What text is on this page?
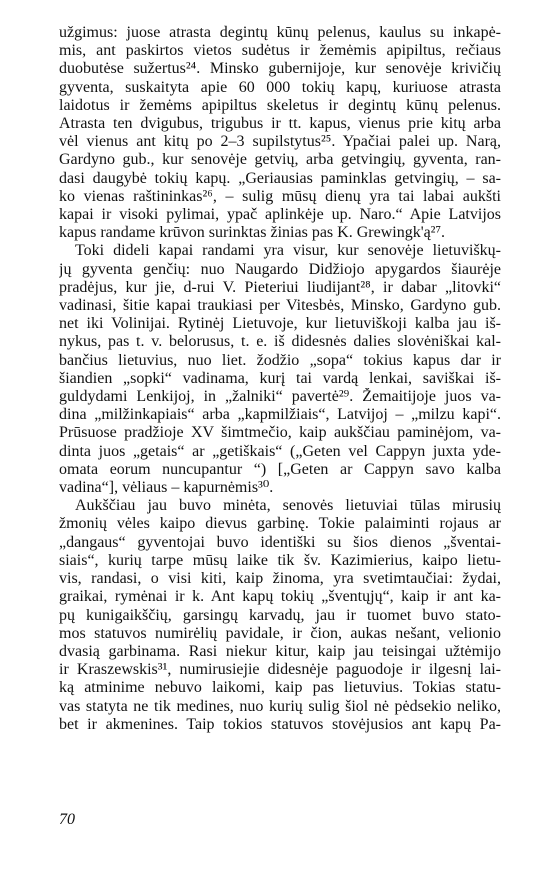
užgimus: juose atrasta degintų kūnų pelenus, kaulus su inkapė-
mis, ant paskirtos vietos sudėtus ir žemėmis apipiltus, rečiaus
duobutėse sužertus²⁴. Minsko gubernijoje, kur senovėje krivičių
gyventa, suskaityta apie 60 000 tokių kapų, kuriuose atrasta
laidotus ir žemėms apipiltus skeletus ir degintų kūnų pelenus.
Atrasta ten dvigubus, trigubus ir tt. kapus, vienus prie kitų arba
vėl vienus ant kitų po 2–3 supilstytus²⁵. Ypačiai palei up. Narą,
Gardyno gub., kur senovėje getvių, arba getvingių, gyventa, ran-
dasi daugybė tokių kapų. „Geriausias paminklas getvingių, – sa-
ko vienas raštininkas²⁶, – sulig mūsų dienų yra tai labai aukšti
kapai ir visoki pylimai, ypač aplinkėje up. Naro.“ Apie Latvijos
kapus randame krūvon surinktas žinias pas K. Grewingk'ą²⁷.
 Toki dideli kapai randami yra visur, kur senovėje lietuviškų-
jų gyventa genčių: nuo Naugardo Didžiojo apygardos šiaurėje
pradėjus, kur jie, d-rui V. Pieteriui liudijant²⁸, ir dabar „litovki“
vadinasi, šitie kapai traukiasi per Vitesbės, Minsko, Gardyno gub.
net iki Volinijai. Rytinėj Lietuvoje, kur lietuviškoji kalba jau iš-
nykus, pas t. v. belorusus, t. e. iš didesnės dalies slovėniškai kal-
bančius lietuvius, nuo liet. žodžio „sopa“ tokius kapus dar ir
šiandien „sopki“ vadinama, kurį tai vardą lenkai, saviškai iš-
guldydami Lenkijoj, in „žalniki“ pavertė²⁹. Žemaitijoje juos va-
dina „milžinkapiais“ arba „kapmilžiais“, Latvijoj – „milzu kapi“.
Prūsuose pradžioje XV šimtmečio, kaip aukščiau paminėjom, va-
dinta juos „getais“ ar „getiškais“ („Geten vel Cappyn juxta yde-
omata eorum nuncupantur “) [„Geten ar Cappyn savo kalba
vadina“], vėliaus – kapurnėmis³⁰.
 Aukščiau jau buvo minėta, senovės lietuviai tūlas mirusių
žmonių vėles kaipo dievus garbinę. Tokie palaiminti rojaus ar
„dangaus“ gyventojai buvo identiški su šios dienos „šventai-
siais“, kurių tarpe mūsų laike tik šv. Kazimierius, kaipo lietu-
vis, randasi, o visi kiti, kaip žinoma, yra svetimtaučiai: žydai,
graikai, rymėnai ir k. Ant kapų tokių „šventųjų“, kaip ir ant ka-
pų kunigaikščių, garsingų karvadų, jau ir tuomet buvo stato-
mos statuvos numirėlių pavidale, ir čion, aukas nešant, velionio
dvasią garbinama. Rasi niekur kitur, kaip jau teisingai užtėmijo
ir Kraszewskis³¹, numirusiejie didesnėje paguodoje ir ilgesnį lai-
ką atminime nebuvo laikomi, kaip pas lietuvius. Tokias statu-
vas statyta ne tik medines, nuo kurių sulig šiol nė pėdsekio neliko,
bet ir akmenines. Taip tokios statuvos stovėjusios ant kapų Pa-
70
